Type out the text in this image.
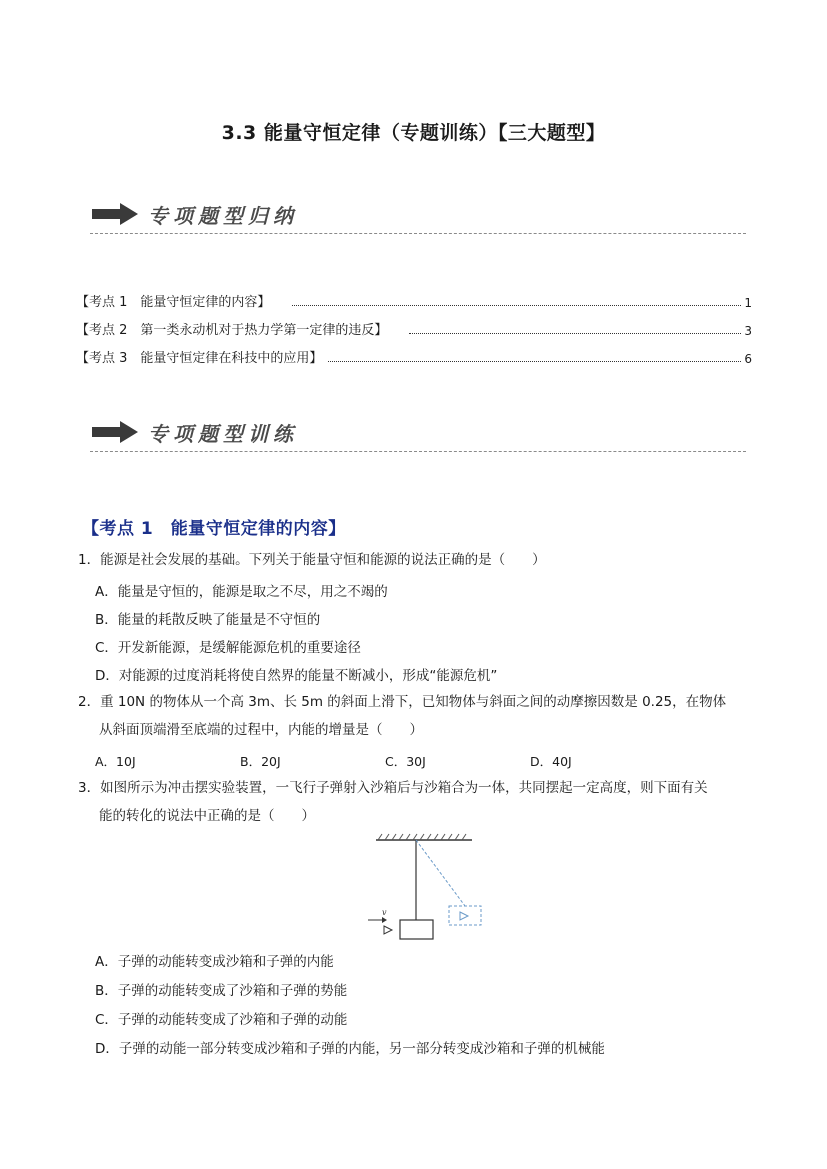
3.3 能量守恒定律（专题训练）【三大题型】
专项题型归纳
【考点 1　能量守恒定律的内容】	1
【考点 2　第一类永动机对于热力学第一定律的违反】	3
【考点 3　能量守恒定律在科技中的应用】	6
专项题型训练
【考点 1　能量守恒定律的内容】
1．能源是社会发展的基础。下列关于能量守恒和能源的说法正确的是（　　）
A．能量是守恒的，能源是取之不尽，用之不竭的
B．能量的耗散反映了能量是不守恒的
C．开发新能源，是缓解能源危机的重要途径
D．对能源的过度消耗将使自然界的能量不断减小，形成“能源危机”
2．重 10N 的物体从一个高 3m、长 5m 的斜面上滑下，已知物体与斜面之间的动摩擦因数是 0.25，在物体
从斜面顶端滑至底端的过程中，内能的增量是（　　）
A．10J	B．20J	C．30J	D．40J
3．如图所示为冲击摆实验装置，一飞行子弹射入沙箱后与沙箱合为一体，共同摆起一定高度，则下面有关
能的转化的说法中正确的是（　　）
v
A．子弹的动能转变成沙箱和子弹的内能
B．子弹的动能转变成了沙箱和子弹的势能
C．子弹的动能转变成了沙箱和子弹的动能
D．子弹的动能一部分转变成沙箱和子弹的内能，另一部分转变成沙箱和子弹的机械能
